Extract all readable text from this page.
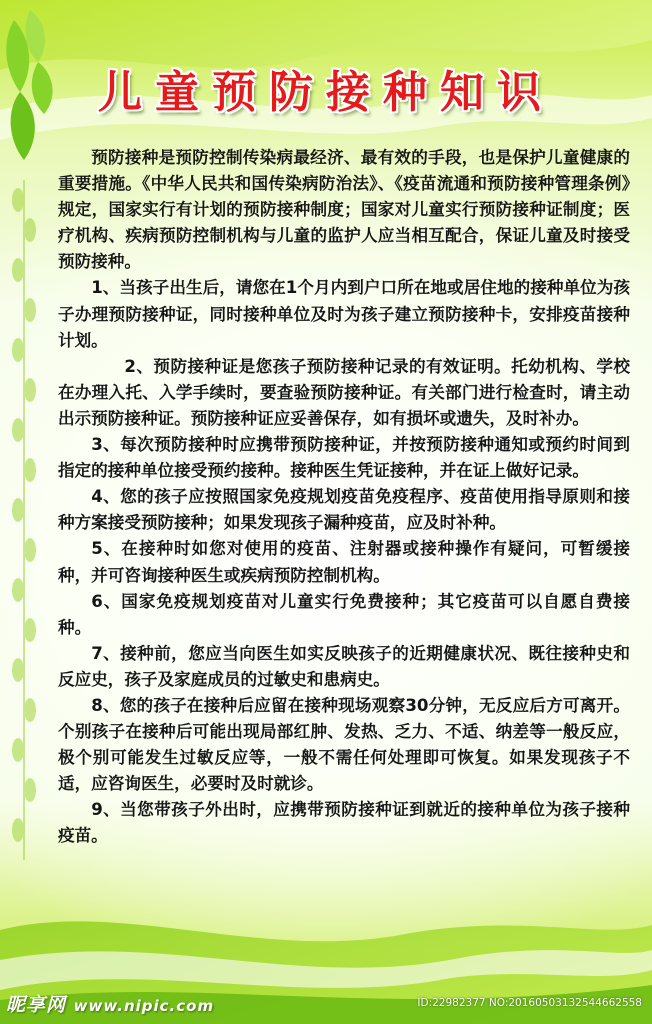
儿童预防接种知识

预防接种是预防控制传染病最经济、最有效的手段，也是保护儿童健康的重要措施。《中华人民共和国传染病防治法》、《疫苗流通和预防接种管理条例》规定，国家实行有计划的预防接种制度；国家对儿童实行预防接种证制度；医疗机构、疾病预防控制机构与儿童的监护人应当相互配合，保证儿童及时接受预防接种。

1、当孩子出生后，请您在1个月内到户口所在地或居住地的接种单位为孩子办理预防接种证，同时接种单位及时为孩子建立预防接种卡，安排疫苗接种计划。

2、预防接种证是您孩子预防接种记录的有效证明。托幼机构、学校在办理入托、入学手续时，要查验预防接种证。有关部门进行检查时，请主动出示预防接种证。预防接种证应妥善保存，如有损坏或遗失，及时补办。

3、每次预防接种时应携带预防接种证，并按预防接种通知或预约时间到指定的接种单位接受预约接种。接种医生凭证接种，并在证上做好记录。

4、您的孩子应按照国家免疫规划疫苗免疫程序、疫苗使用指导原则和接种方案接受预防接种；如果发现孩子漏种疫苗，应及时补种。

5、在接种时如您对使用的疫苗、注射器或接种操作有疑问，可暂缓接种，并可咨询接种医生或疾病预防控制机构。

6、国家免疫规划疫苗对儿童实行免费接种；其它疫苗可以自愿自费接种。

7、接种前，您应当向医生如实反映孩子的近期健康状况、既往接种史和反应史，孩子及家庭成员的过敏史和患病史。

8、您的孩子在接种后应留在接种现场观察30分钟，无反应后方可离开。个别孩子在接种后可能出现局部红肿、发热、乏力、不适、纳差等一般反应，极个别可能发生过敏反应等，一般不需任何处理即可恢复。如果发现孩子不适，应咨询医生，必要时及时就诊。

9、当您带孩子外出时，应携带预防接种证到就近的接种单位为孩子接种疫苗。

昵享网 www.nipic.com	ID:22982377 NO:20160503132544662558
